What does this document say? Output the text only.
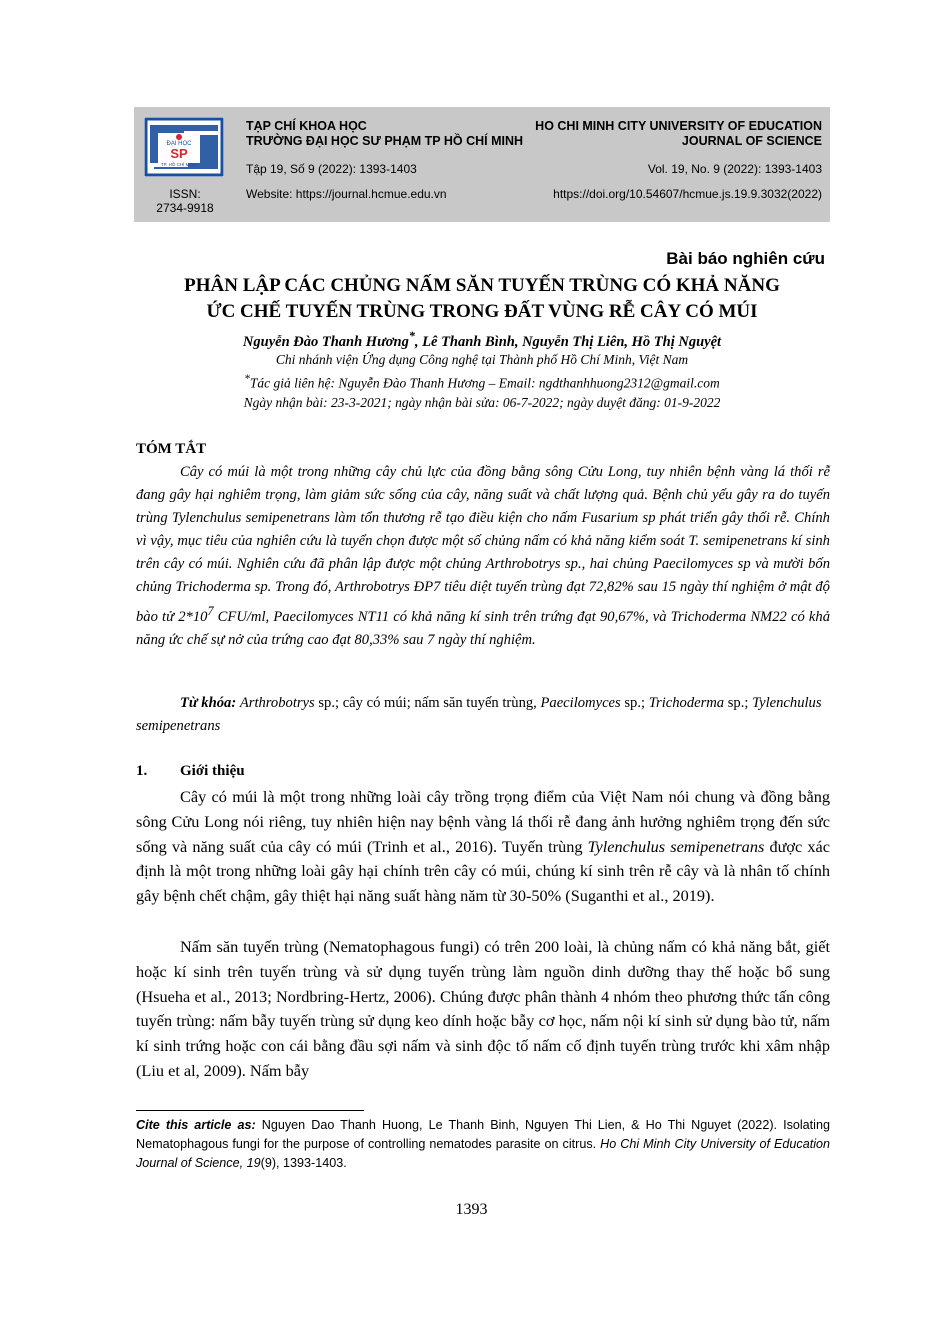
ĐẠI HỌC
SP
TP. HỒ CHÍ MINH
ISSN:
2734-9918
TẠP CHÍ KHOA HỌC
TRƯỜNG ĐẠI HỌC SƯ PHẠM TP HỒ CHÍ MINH
HO CHI MINH CITY UNIVERSITY OF EDUCATION
JOURNAL OF SCIENCE
Tập 19, Số 9 (2022): 1393-1403	Vol. 19, No. 9 (2022): 1393-1403
Website: https://journal.hcmue.edu.vn	https://doi.org/10.54607/hcmue.js.19.9.3032(2022)
Bài báo nghiên cứu
PHÂN LẬP CÁC CHỦNG NẤM SĂN TUYẾN TRÙNG CÓ KHẢ NĂNG
ỨC CHẾ TUYẾN TRÙNG TRONG ĐẤT VÙNG RỄ CÂY CÓ MÚI
Nguyễn Đào Thanh Hương*, Lê Thanh Bình, Nguyễn Thị Liên, Hồ Thị Nguyệt
Chi nhánh viện Ứng dụng Công nghệ tại Thành phố Hồ Chí Minh, Việt Nam
*Tác giả liên hệ: Nguyễn Đào Thanh Hương – Email: ngdthanhhuong2312@gmail.com
Ngày nhận bài: 23-3-2021; ngày nhận bài sửa: 06-7-2022; ngày duyệt đăng: 01-9-2022
TÓM TẮT

Cây có múi là một trong những cây chủ lực của đồng bằng sông Cửu Long, tuy nhiên bệnh vàng lá thối rễ đang gây hại nghiêm trọng, làm giảm sức sống của cây, năng suất và chất lượng quả. Bệnh chủ yếu gây ra do tuyến trùng Tylenchulus semipenetrans làm tổn thương rễ tạo điều kiện cho nấm Fusarium sp phát triển gây thối rễ. Chính vì vậy, mục tiêu của nghiên cứu là tuyển chọn được một số chủng nấm có khả năng kiểm soát T. semipenetrans kí sinh trên cây có múi. Nghiên cứu đã phân lập được một chủng Arthrobotrys sp., hai chủng Paecilomyces sp và mười bốn chủng Trichoderma sp. Trong đó, Arthrobotrys ĐP7 tiêu diệt tuyến trùng đạt 72,82% sau 15 ngày thí nghiệm ở mật độ bào tử $2*10^7$ CFU/ml, Paecilomyces NT11 có khả năng kí sinh trên trứng đạt 90,67%, và Trichoderma NM22 có khả năng ức chế sự nở của trứng cao đạt 80,33% sau 7 ngày thí nghiệm.

Từ khóa: Arthrobotrys sp.; cây có múi; nấm săn tuyến trùng, Paecilomyces sp.; Trichoderma sp.; Tylenchulus semipenetrans

1. Giới thiệu

Cây có múi là một trong những loài cây trồng trọng điểm của Việt Nam nói chung và đồng bằng sông Cửu Long nói riêng, tuy nhiên hiện nay bệnh vàng lá thối rễ đang ảnh hưởng nghiêm trọng đến sức sống và năng suất của cây có múi (Trinh et al., 2016). Tuyến trùng Tylenchulus semipenetrans được xác định là một trong những loài gây hại chính trên cây có múi, chúng kí sinh trên rễ cây và là nhân tố chính gây bệnh chết chậm, gây thiệt hại năng suất hàng năm từ 30-50% (Suganthi et al., 2019).

Nấm săn tuyến trùng (Nematophagous fungi) có trên 200 loài, là chủng nấm có khả năng bắt, giết hoặc kí sinh trên tuyến trùng và sử dụng tuyến trùng làm nguồn dinh dưỡng thay thế hoặc bổ sung (Hsueha et al., 2013; Nordbring-Hertz, 2006). Chúng được phân thành 4 nhóm theo phương thức tấn công tuyến trùng: nấm bẫy tuyến trùng sử dụng keo dính hoặc bẫy cơ học, nấm nội kí sinh sử dụng bào tử, nấm kí sinh trứng hoặc con cái bằng đầu sợi nấm và sinh độc tố nấm cố định tuyến trùng trước khi xâm nhập (Liu et al, 2009). Nấm bẫy

Cite this article as: Nguyen Dao Thanh Huong, Le Thanh Binh, Nguyen Thi Lien, & Ho Thi Nguyet (2022). Isolating Nematophagous fungi for the purpose of controlling nematodes parasite on citrus. Ho Chi Minh City University of Education Journal of Science, 19(9), 1393-1403.

1393
